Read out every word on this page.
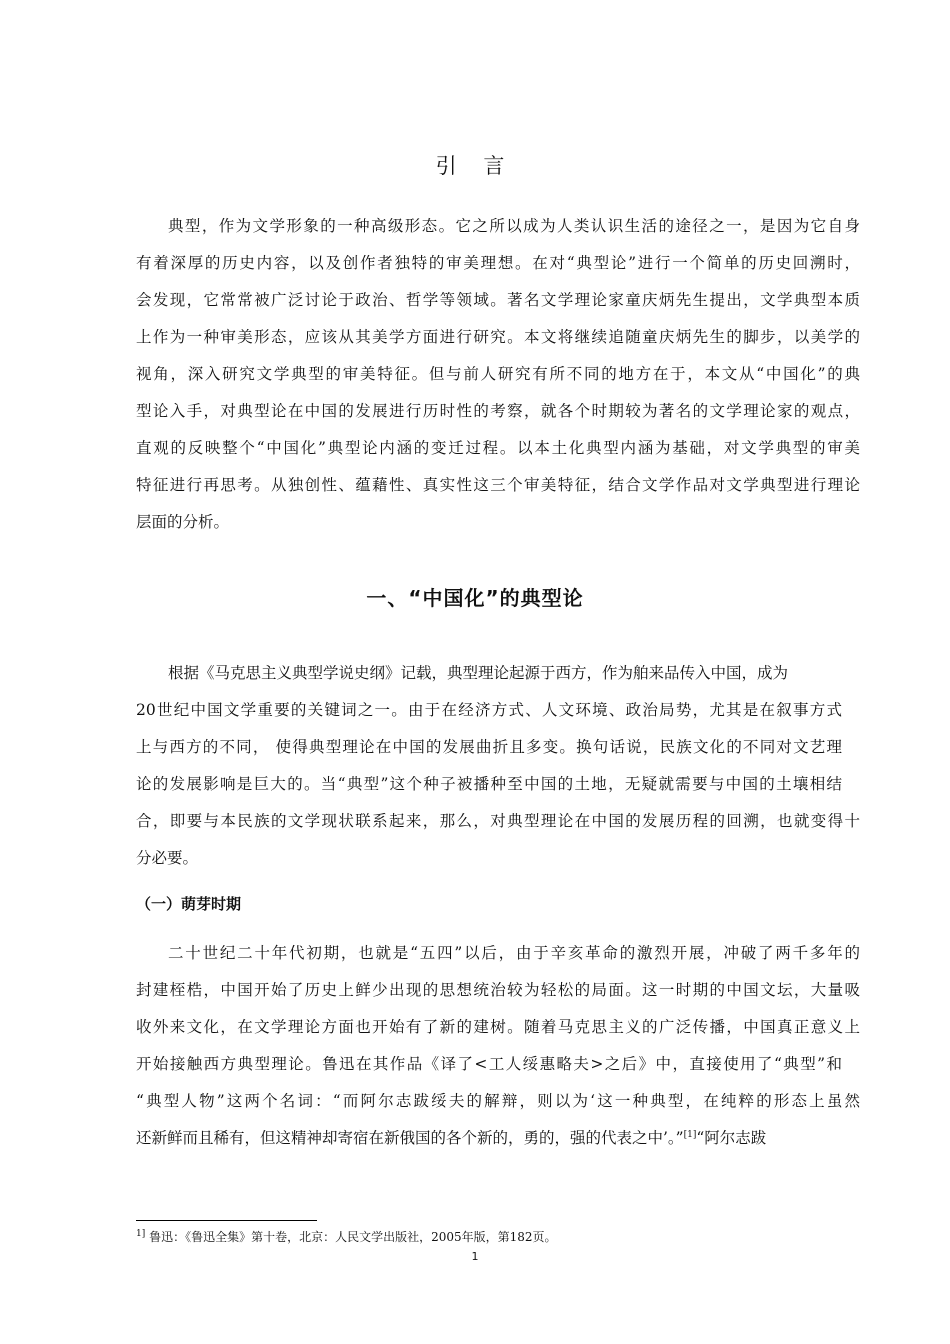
引 言
典型，作为文学形象的一种高级形态。它之所以成为人类认识生活的途径之一，是因为它自身
有着深厚的历史内容，以及创作者独特的审美理想。在对“典型论”进行一个简单的历史回溯时，
会发现，它常常被广泛讨论于政治、哲学等领域。著名文学理论家童庆炳先生提出，文学典型本质
上作为一种审美形态，应该从其美学方面进行研究。本文将继续追随童庆炳先生的脚步，以美学的
视角，深入研究文学典型的审美特征。但与前人研究有所不同的地方在于，本文从“中国化”的典
型论入手，对典型论在中国的发展进行历时性的考察，就各个时期较为著名的文学理论家的观点，
直观的反映整个“中国化”典型论内涵的变迁过程。以本土化典型内涵为基础，对文学典型的审美
特征进行再思考。从独创性、蕴藉性、真实性这三个审美特征，结合文学作品对文学典型进行理论
层面的分析。
一、“中国化”的典型论
根据《马克思主义典型学说史纲》记载，典型理论起源于西方，作为舶来品传入中国，成为
20世纪中国文学重要的关键词之一。由于在经济方式、人文环境、政治局势，尤其是在叙事方式
上与西方的不同， 使得典型理论在中国的发展曲折且多变。换句话说，民族文化的不同对文艺理
论的发展影响是巨大的。当“典型”这个种子被播种至中国的土地，无疑就需要与中国的土壤相结
合，即要与本民族的文学现状联系起来，那么，对典型理论在中国的发展历程的回溯，也就变得十
分必要。
（一）萌芽时期
二十世纪二十年代初期，也就是“五四”以后，由于辛亥革命的激烈开展，冲破了两千多年的
封建桎梏，中国开始了历史上鲜少出现的思想统治较为轻松的局面。这一时期的中国文坛，大量吸
收外来文化，在文学理论方面也开始有了新的建树。随着马克思主义的广泛传播，中国真正意义上
开始接触西方典型理论。鲁迅在其作品《译了<工人绥惠略夫>之后》中，直接使用了“典型”和
“典型人物”这两个名词：“而阿尔志跋绥夫的解辩，则以为‘这一种典型，在纯粹的形态上虽然
还新鲜而且稀有，但这精神却寄宿在新俄国的各个新的，勇的，强的代表之中’。”[1]“阿尔志跋
$^{1]}$ 鲁迅：《鲁迅全集》第十卷，北京：人民文学出版社，2005年版，第182页。
1
